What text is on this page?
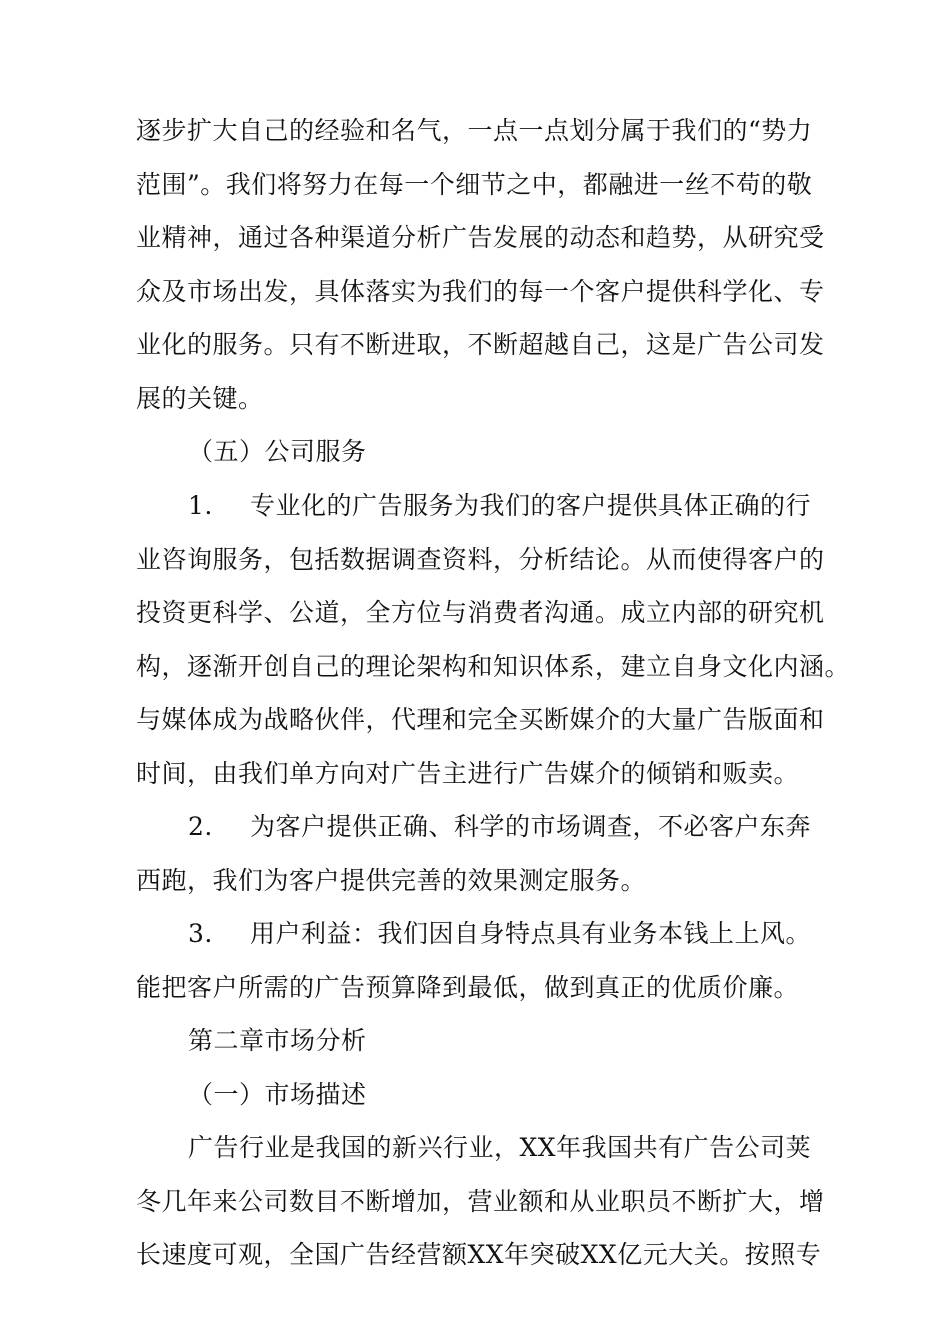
逐步扩大自己的经验和名气，一点一点划分属于我们的“势力
范围”。我们将努力在每一个细节之中，都融进一丝不苟的敬
业精神，通过各种渠道分析广告发展的动态和趋势，从研究受
众及市场出发，具体落实为我们的每一个客户提供科学化、专
业化的服务。只有不断进取，不断超越自己，这是广告公司发
展的关键。
（五）公司服务
1. 专业化的广告服务为我们的客户提供具体正确的行
业咨询服务，包括数据调查资料，分析结论。从而使得客户的
投资更科学、公道，全方位与消费者沟通。成立内部的研究机
构，逐渐开创自己的理论架构和知识体系，建立自身文化内涵。
与媒体成为战略伙伴，代理和完全买断媒介的大量广告版面和
时间，由我们单方向对广告主进行广告媒介的倾销和贩卖。
2. 为客户提供正确、科学的市场调查，不必客户东奔
西跑，我们为客户提供完善的效果测定服务。
3. 用户利益：我们因自身特点具有业务本钱上上风。
能把客户所需的广告预算降到最低，做到真正的优质价廉。
第二章市场分析
（一）市场描述
广告行业是我国的新兴行业，XX年我国共有广告公司荚
冬几年来公司数目不断增加，营业额和从业职员不断扩大，增
长速度可观，全国广告经营额XX年突破XX亿元大关。按照专
